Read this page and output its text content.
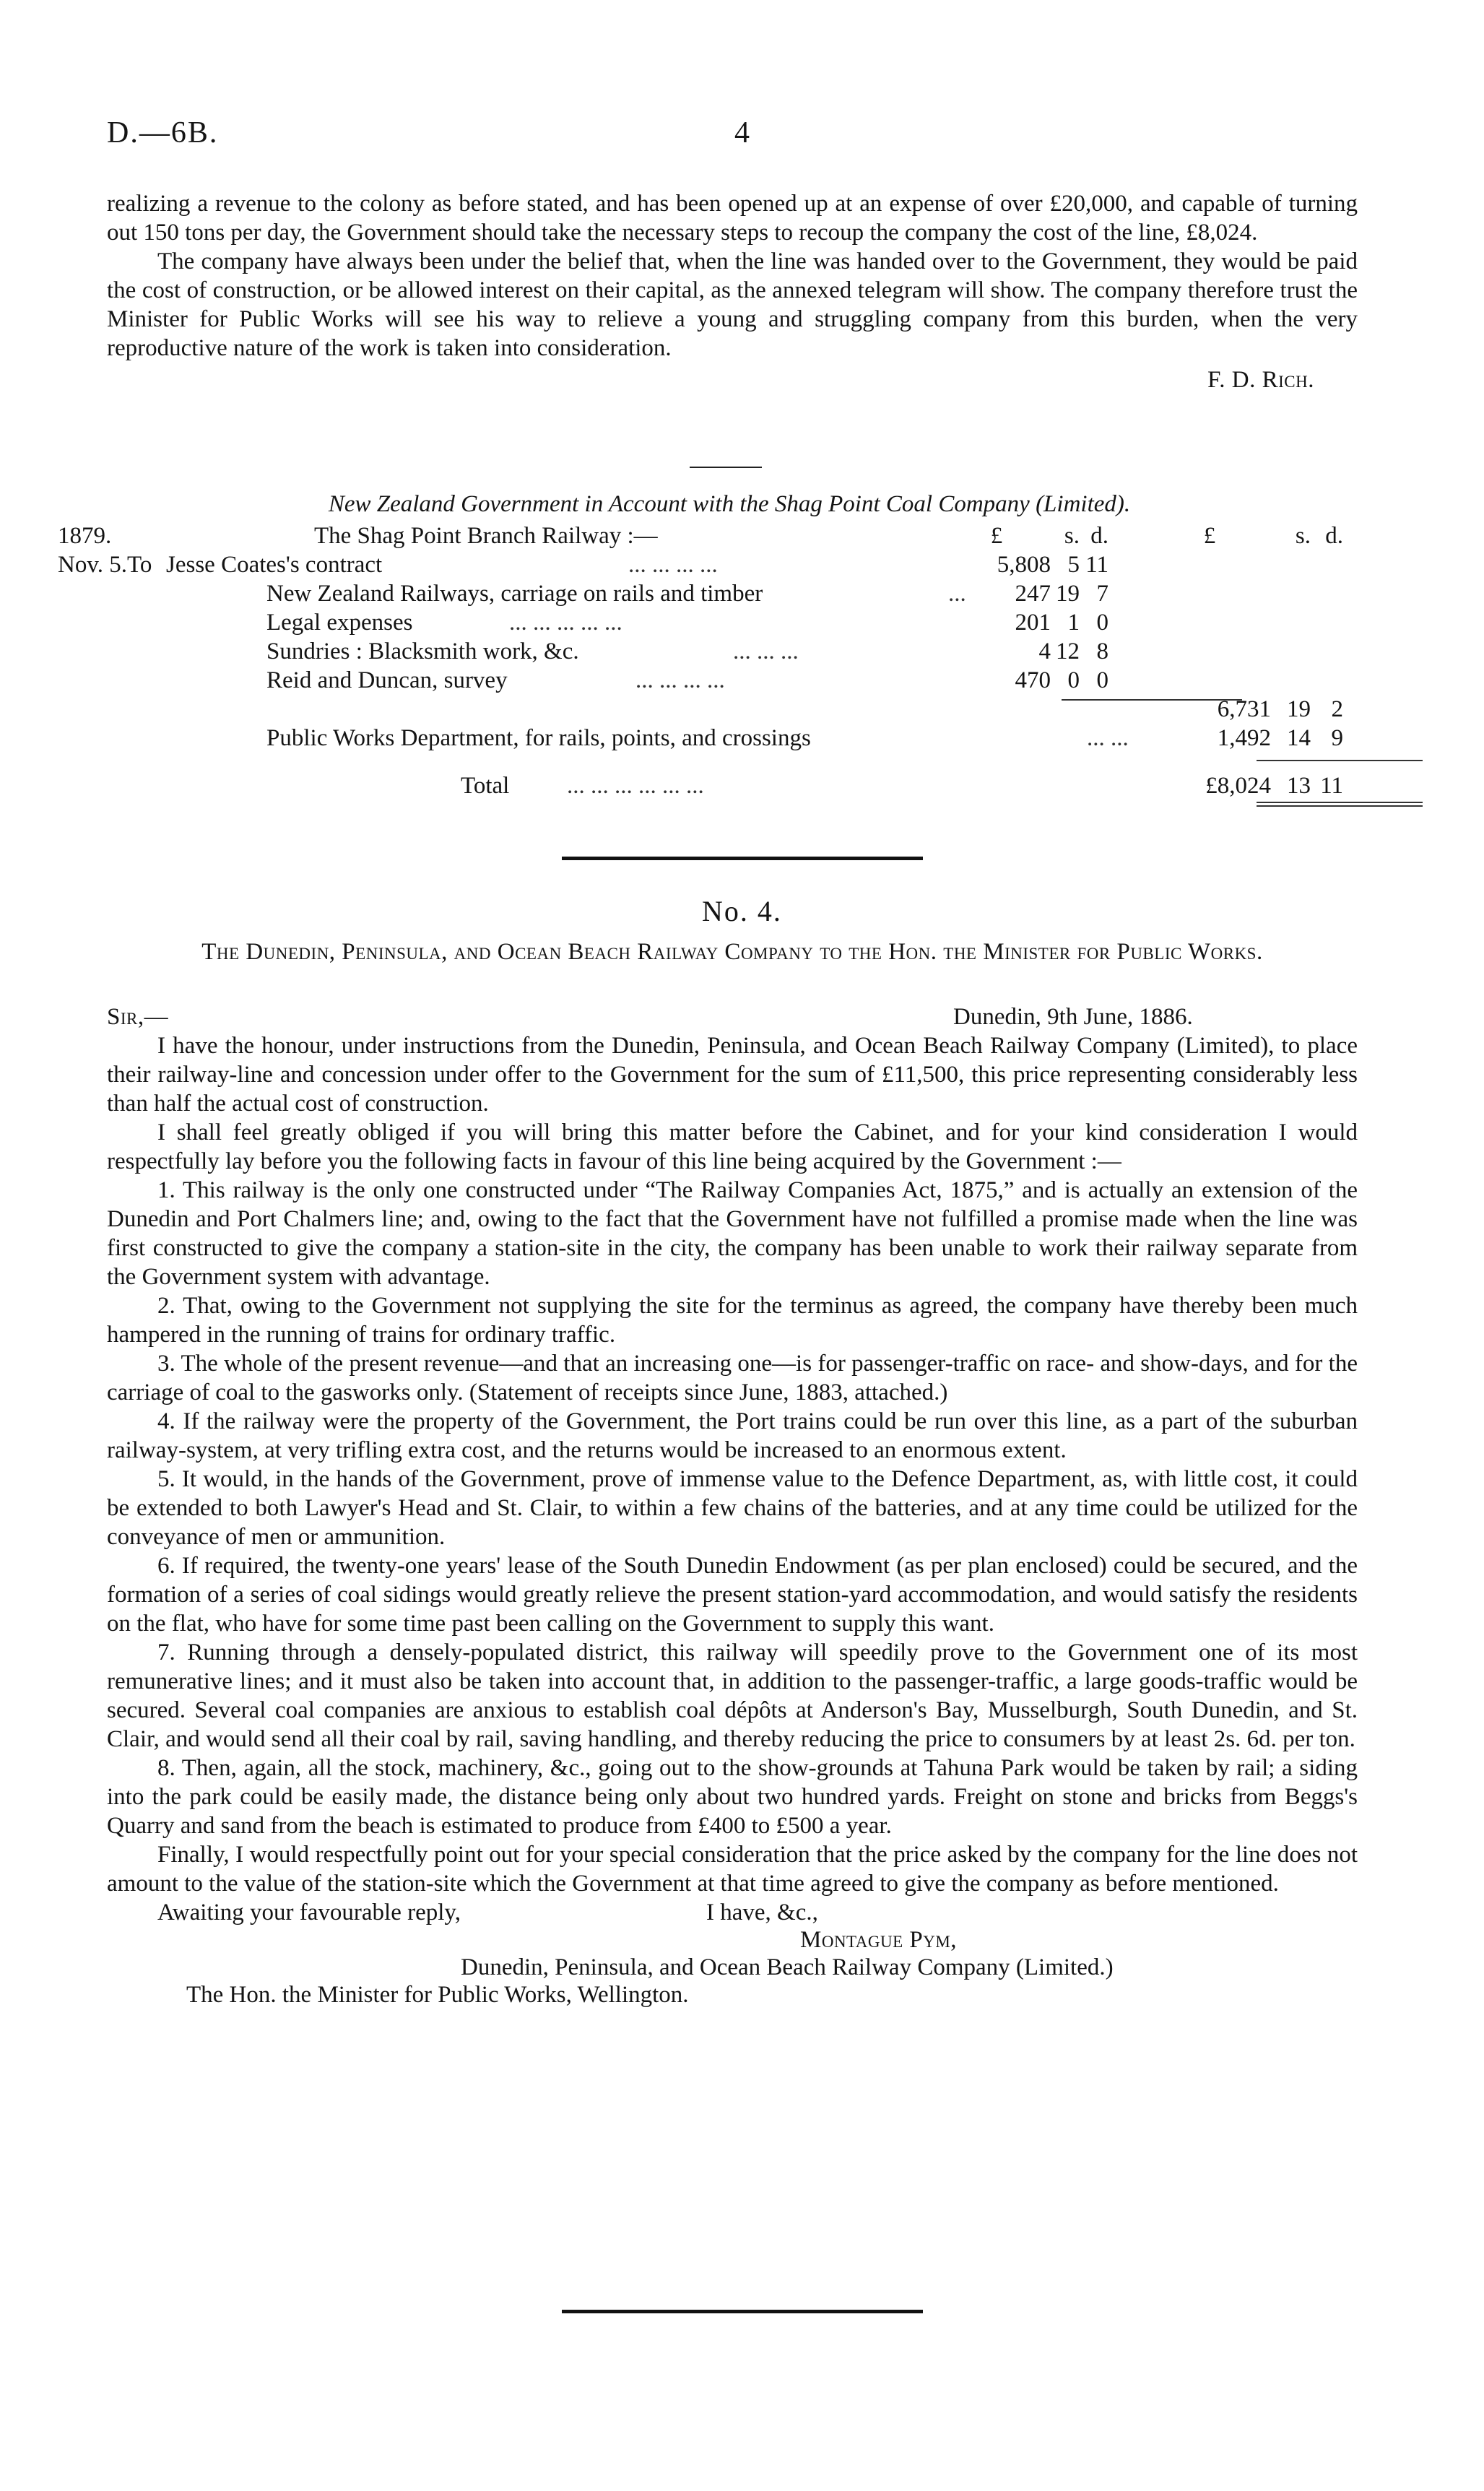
D.—6B.	4

realizing a revenue to the colony as before stated, and has been opened up at an expense of over £20,000, and capable of turning out 150 tons per day, the Government should take the necessary steps to recoup the company the cost of the line, £8,024.

The company have always been under the belief that, when the line was handed over to the Government, they would be paid the cost of construction, or be allowed interest on their capital, as the annexed telegram will show. The company therefore trust the Minister for Public Works will see his way to relieve a young and struggling company from this burden, when the very reproductive nature of the work is taken into consideration.

F. D. Rich.

New Zealand Government in Account with the Shag Point Coal Company (Limited).

1879.	The Shag Point Branch Railway :—	£	s. d.	£	s. d.
Nov. 5. To Jesse Coates's contract	... ... ... ...	5,808 5 11
New Zealand Railways, carriage on rails and timber	...	247 19 7
Legal expenses	... ... ... ... ...	201 1 0
Sundries : Blacksmith work, &c.	... ... ...	4 12 8
Reid and Duncan, survey	... ... ... ...	470 0 0
6,731 19 2
Public Works Department, for rails, points, and crossings	... ...	1,492 14 9
Total ... ... ... ... ... ...	£8,024 13 11
No. 4.
The Dunedin, Peninsula, and Ocean Beach Railway Company to the Hon. the Minister for Public Works.
Sir,—	Dunedin, 9th June, 1886.

I have the honour, under instructions from the Dunedin, Peninsula, and Ocean Beach Railway Company (Limited), to place their railway-line and concession under offer to the Government for the sum of £11,500, this price representing considerably less than half the actual cost of construction.

I shall feel greatly obliged if you will bring this matter before the Cabinet, and for your kind consideration I would respectfully lay before you the following facts in favour of this line being acquired by the Government :—

1. This railway is the only one constructed under “The Railway Companies Act, 1875,” and is actually an extension of the Dunedin and Port Chalmers line; and, owing to the fact that the Government have not fulfilled a promise made when the line was first constructed to give the company a station-site in the city, the company has been unable to work their railway separate from the Government system with advantage.

2. That, owing to the Government not supplying the site for the terminus as agreed, the company have thereby been much hampered in the running of trains for ordinary traffic.

3. The whole of the present revenue—and that an increasing one—is for passenger-traffic on race- and show-days, and for the carriage of coal to the gasworks only. (Statement of receipts since June, 1883, attached.)

4. If the railway were the property of the Government, the Port trains could be run over this line, as a part of the suburban railway-system, at very trifling extra cost, and the returns would be increased to an enormous extent.

5. It would, in the hands of the Government, prove of immense value to the Defence Department, as, with little cost, it could be extended to both Lawyer's Head and St. Clair, to within a few chains of the batteries, and at any time could be utilized for the conveyance of men or ammunition.

6. If required, the twenty-one years' lease of the South Dunedin Endowment (as per plan enclosed) could be secured, and the formation of a series of coal sidings would greatly relieve the present station-yard accommodation, and would satisfy the residents on the flat, who have for some time past been calling on the Government to supply this want.

7. Running through a densely-populated district, this railway will speedily prove to the Government one of its most remunerative lines; and it must also be taken into account that, in addition to the passenger-traffic, a large goods-traffic would be secured. Several coal companies are anxious to establish coal dépôts at Anderson's Bay, Musselburgh, South Dunedin, and St. Clair, and would send all their coal by rail, saving handling, and thereby reducing the price to consumers by at least 2s. 6d. per ton.

8. Then, again, all the stock, machinery, &c., going out to the show-grounds at Tahuna Park would be taken by rail; a siding into the park could be easily made, the distance being only about two hundred yards. Freight on stone and bricks from Beggs's Quarry and sand from the beach is estimated to produce from £400 to £500 a year.

Finally, I would respectfully point out for your special consideration that the price asked by the company for the line does not amount to the value of the station-site which the Government at that time agreed to give the company as before mentioned.

Awaiting your favourable reply,	I have, &c.,
Montague Pym,
Dunedin, Peninsula, and Ocean Beach Railway Company (Limited.)
The Hon. the Minister for Public Works, Wellington.
